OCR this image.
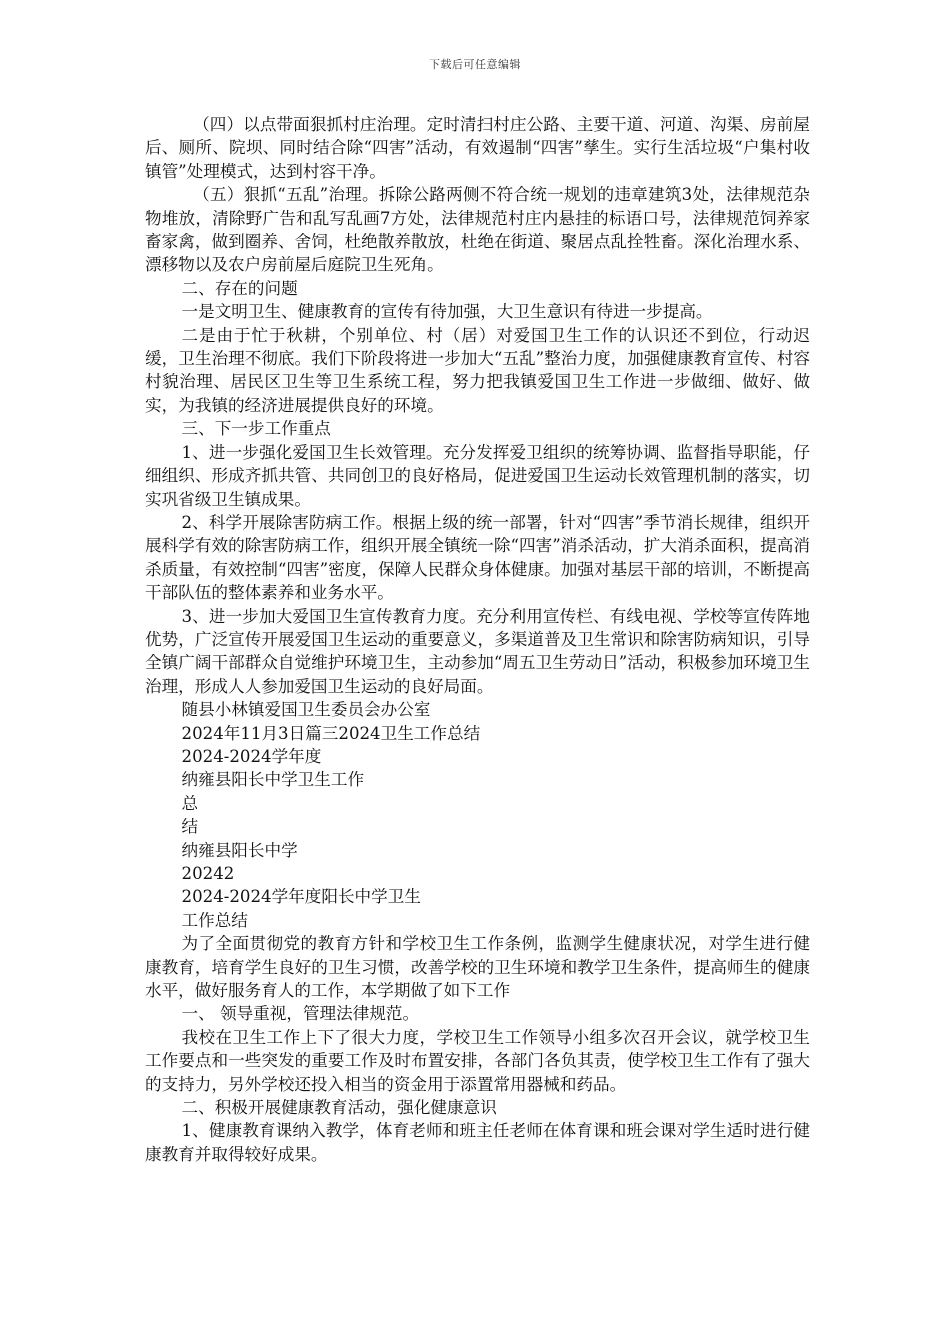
下载后可任意编辑

（四）以点带面狠抓村庄治理。定时清扫村庄公路、主要干道、河道、沟渠、房前屋后、厕所、院坝、同时结合除“四害”活动，有效遏制“四害”孳生。实行生活垃圾“户集村收镇管”处理模式，达到村容干净。

（五）狠抓“五乱”治理。拆除公路两侧不符合统一规划的违章建筑3处，法律规范杂物堆放，清除野广告和乱写乱画7方处，法律规范村庄内悬挂的标语口号，法律规范饲养家畜家禽，做到圈养、舍饲，杜绝散养散放，杜绝在街道、聚居点乱拴牲畜。深化治理水系、漂移物以及农户房前屋后庭院卫生死角。

二、存在的问题

一是文明卫生、健康教育的宣传有待加强，大卫生意识有待进一步提高。

二是由于忙于秋耕，个别单位、村（居）对爱国卫生工作的认识还不到位，行动迟缓，卫生治理不彻底。我们下阶段将进一步加大“五乱”整治力度，加强健康教育宣传、村容村貌治理、居民区卫生等卫生系统工程，努力把我镇爱国卫生工作进一步做细、做好、做实，为我镇的经济进展提供良好的环境。

三、下一步工作重点

1、进一步强化爱国卫生长效管理。充分发挥爱卫组织的统筹协调、监督指导职能，仔细组织、形成齐抓共管、共同创卫的良好格局，促进爱国卫生运动长效管理机制的落实，切实巩省级卫生镇成果。

2、科学开展除害防病工作。根据上级的统一部署，针对“四害”季节消长规律，组织开展科学有效的除害防病工作，组织开展全镇统一除“四害”消杀活动，扩大消杀面积，提高消杀质量，有效控制“四害”密度，保障人民群众身体健康。加强对基层干部的培训，不断提高干部队伍的整体素养和业务水平。

3、进一步加大爱国卫生宣传教育力度。充分利用宣传栏、有线电视、学校等宣传阵地优势，广泛宣传开展爱国卫生运动的重要意义，多渠道普及卫生常识和除害防病知识，引导全镇广阔干部群众自觉维护环境卫生，主动参加“周五卫生劳动日”活动，积极参加环境卫生治理，形成人人参加爱国卫生运动的良好局面。

随县小林镇爱国卫生委员会办公室

2024年11月3日篇三2024卫生工作总结

2024-2024学年度

纳雍县阳长中学卫生工作

总

结

纳雍县阳长中学

20242

2024-2024学年度阳长中学卫生

工作总结

为了全面贯彻党的教育方针和学校卫生工作条例，监测学生健康状况，对学生进行健康教育，培育学生良好的卫生习惯，改善学校的卫生环境和教学卫生条件，提高师生的健康水平，做好服务育人的工作，本学期做了如下工作

一、 领导重视，管理法律规范。

我校在卫生工作上下了很大力度，学校卫生工作领导小组多次召开会议，就学校卫生工作要点和一些突发的重要工作及时布置安排，各部门各负其责，使学校卫生工作有了强大的支持力，另外学校还投入相当的资金用于添置常用器械和药品。

二、积极开展健康教育活动，强化健康意识

1、健康教育课纳入教学，体育老师和班主任老师在体育课和班会课对学生适时进行健康教育并取得较好成果。
